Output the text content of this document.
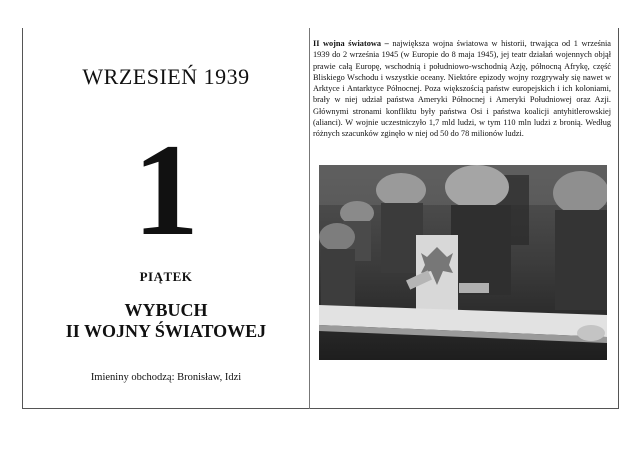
WRZESIEŃ 1939
1
PIĄTEK
WYBUCH
II WOJNY ŚWIATOWEJ
Imieniny obchodzą: Bronisław, Idzi

II wojna światowa – największa wojna światowa w historii, trwająca od 1 września 1939 do 2 września 1945 (w Europie do 8 maja 1945), jej teatr działań wojennych objął prawie całą Europę, wschodnią i południowo-wschodnią Azję, północną Afrykę, część Bliskiego Wschodu i wszystkie oceany. Niektóre epizody wojny rozgrywały się nawet w Arktyce i Antarktyce Północnej. Poza większością państw europejskich i ich koloniami, brały w niej udział państwa Ameryki Północnej i Ameryki Południowej oraz Azji. Głównymi stronami konfliktu były państwa Osi i państwa koalicji antyhitlerowskiej (alianci). W wojnie uczestniczyło 1,7 mld ludzi, w tym 110 mln ludzi z bronią. Według różnych szacunków zginęło w niej od 50 do 78 milionów ludzi.
